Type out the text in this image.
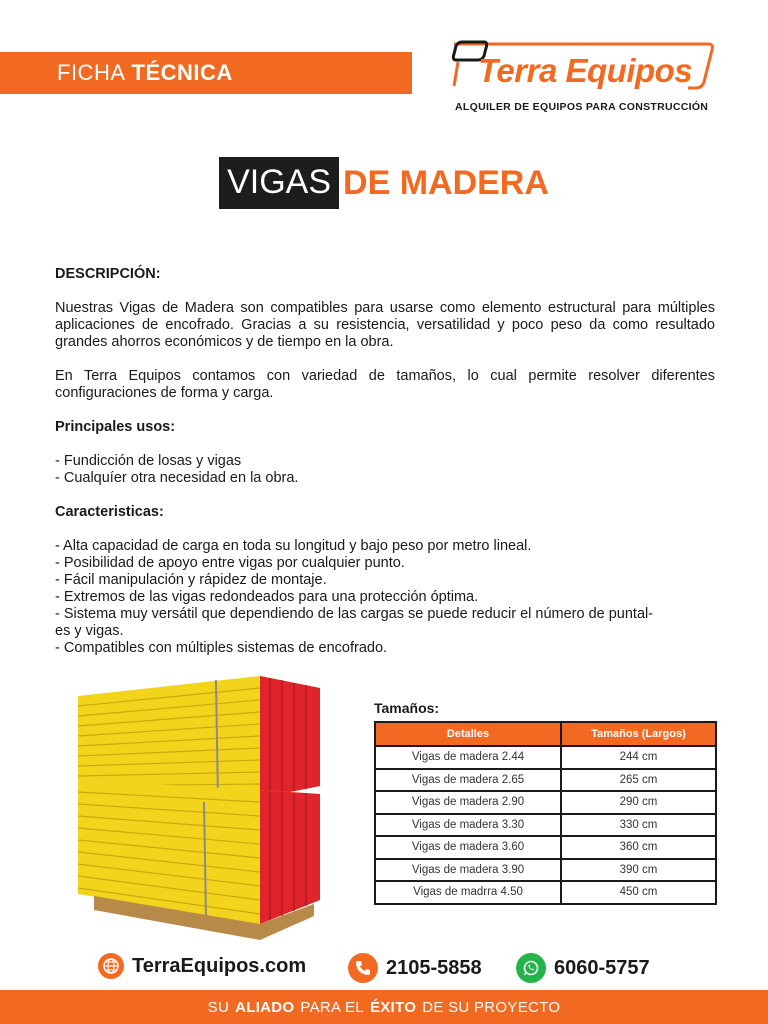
FICHA TÉCNICA	Terra Equipos
ALQUILER DE EQUIPOS PARA CONSTRUCCIÓN
VIGAS DE MADERA
DESCRIPCIÓN:

Nuestras Vigas de Madera son compatibles para usarse como elemento estructural para múltiples aplicaciones de encofrado. Gracias a su resistencia, versatilidad y poco peso da como resultado grandes ahorros económicos y de tiempo en la obra.

En Terra Equipos contamos con variedad de tamaños, lo cual permite resolver diferentes configuraciones de forma y carga.

Principales usos:
- Fundicción de losas y vigas
- Cualquíer otra necesidad en la obra.
Caracteristicas:
- Alta capacidad de carga en toda su longitud y bajo peso por metro lineal.
- Posibilidad de apoyo entre vigas por cualquier punto.
- Fácil manipulación y rápidez de montaje.
- Extremos de las vigas redondeados para una protección óptima.
- Sistema muy versátil que dependiendo de las cargas se puede reducir el número de puntal-
es y vigas.
- Compatibles con múltiples sistemas de encofrado.
Tamaños:
Detalles	Tamaños (Largos)
Vigas de madera 2.44	244 cm
Vigas de madera 2.65	265 cm
Vigas de madera 2.90	290 cm
Vigas de madera 3.30	330 cm
Vigas de madera 3.60	360 cm
Vigas de madera 3.90	390 cm
Vigas de madrra 4.50	450 cm
TerraEquipos.com	2105-5858	6060-5757
SU ALIADO PARA EL ÉXITO DE SU PROYECTO
